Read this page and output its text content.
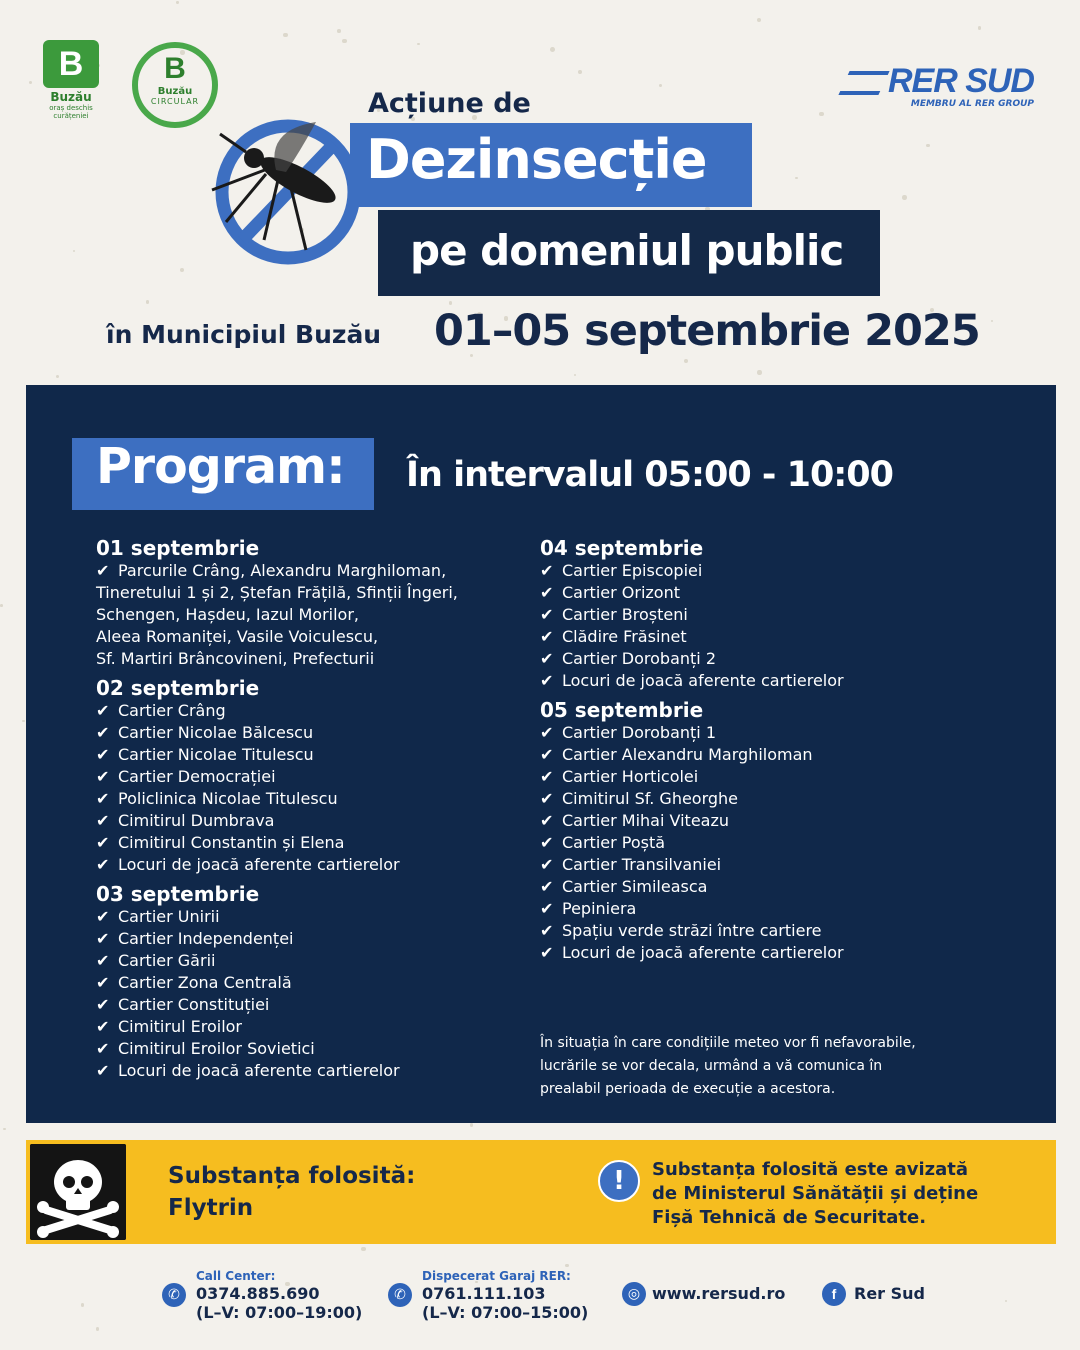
B
Buzău
oraș deschis
curățeniei
B
Buzău
CIRCULAR
RER SUD
MEMBRU AL RER GROUP
Acțiune de
Dezinsecție
pe domeniul public
în Municipiul Buzău 01–05 septembrie 2025
Program: În intervalul 05:00 - 10:00
01 septembrie
✔ Parcurile Crâng, Alexandru Marghiloman,
Tineretului 1 și 2, Ștefan Frățilă, Sfinții Îngeri,
Schengen, Hașdeu, Iazul Morilor,
Aleea Romaniței, Vasile Voiculescu,
Sf. Martiri Brâncovineni, Prefecturii
02 septembrie
✔ Cartier Crâng
✔ Cartier Nicolae Bălcescu
✔ Cartier Nicolae Titulescu
✔ Cartier Democrației
✔ Policlinica Nicolae Titulescu
✔ Cimitirul Dumbrava
✔ Cimitirul Constantin și Elena
✔ Locuri de joacă aferente cartierelor
03 septembrie
✔ Cartier Unirii
✔ Cartier Independenței
✔ Cartier Gării
✔ Cartier Zona Centrală
✔ Cartier Constituției
✔ Cimitirul Eroilor
✔ Cimitirul Eroilor Sovietici
✔ Locuri de joacă aferente cartierelor
04 septembrie
✔ Cartier Episcopiei
✔ Cartier Orizont
✔ Cartier Broșteni
✔ Clădire Frăsinet
✔ Cartier Dorobanți 2
✔ Locuri de joacă aferente cartierelor
05 septembrie
✔ Cartier Dorobanți 1
✔ Cartier Alexandru Marghiloman
✔ Cartier Horticolei
✔ Cimitirul Sf. Gheorghe
✔ Cartier Mihai Viteazu
✔ Cartier Poștă
✔ Cartier Transilvaniei
✔ Cartier Simileasca
✔ Pepiniera
✔ Spațiu verde străzi între cartiere
✔ Locuri de joacă aferente cartierelor
În situația în care condițiile meteo vor fi nefavorabile,
lucrările se vor decala, urmând a vă comunica în
prealabil perioada de execuție a acestora.
Substanța folosită:
Flytrin
!	Substanța folosită este avizată
de Ministerul Sănătății și deține
Fișă Tehnică de Securitate.
Call Center:
✆	0374.885.690
(L–V: 07:00–19:00)
Dispecerat Garaj RER:
✆	0761.111.103
(L–V: 07:00–15:00)
◎ www.rersud.ro	f	Rer Sud
